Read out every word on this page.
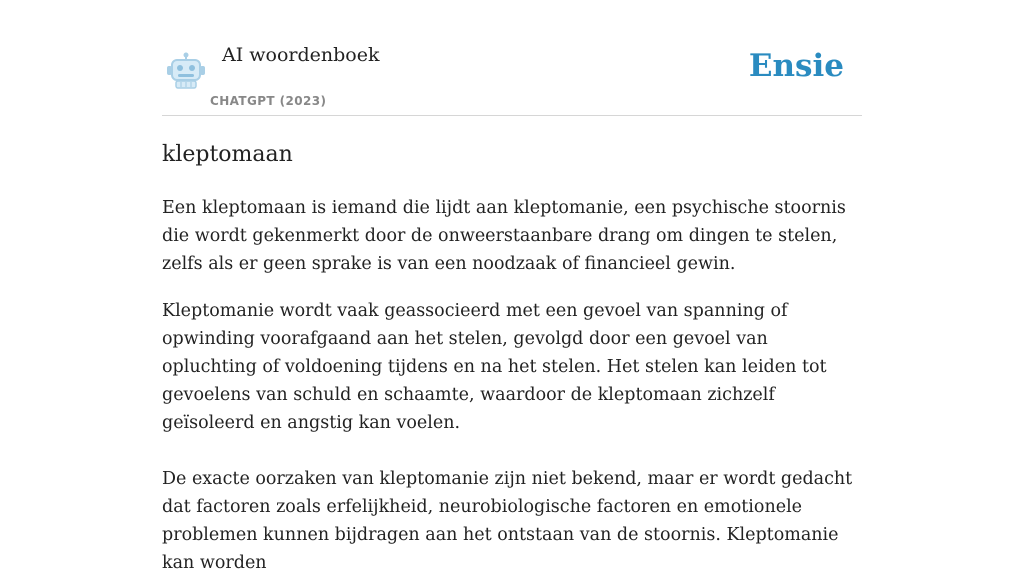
AI woordenboek
CHATGPT (2023)
Ensie
kleptomaan

Een kleptomaan is iemand die lijdt aan kleptomanie, een psychische stoornis die wordt gekenmerkt door de onweerstaanbare drang om dingen te stelen, zelfs als er geen sprake is van een noodzaak of financieel gewin.

Kleptomanie wordt vaak geassocieerd met een gevoel van spanning of opwinding voorafgaand aan het stelen, gevolgd door een gevoel van opluchting of voldoening tijdens en na het stelen. Het stelen kan leiden tot gevoelens van schuld en schaamte, waardoor de kleptomaan zichzelf geïsoleerd en angstig kan voelen.

De exacte oorzaken van kleptomanie zijn niet bekend, maar er wordt gedacht dat factoren zoals erfelijkheid, neurobiologische factoren en emotionele problemen kunnen bijdragen aan het ontstaan van de stoornis. Kleptomanie kan worden
